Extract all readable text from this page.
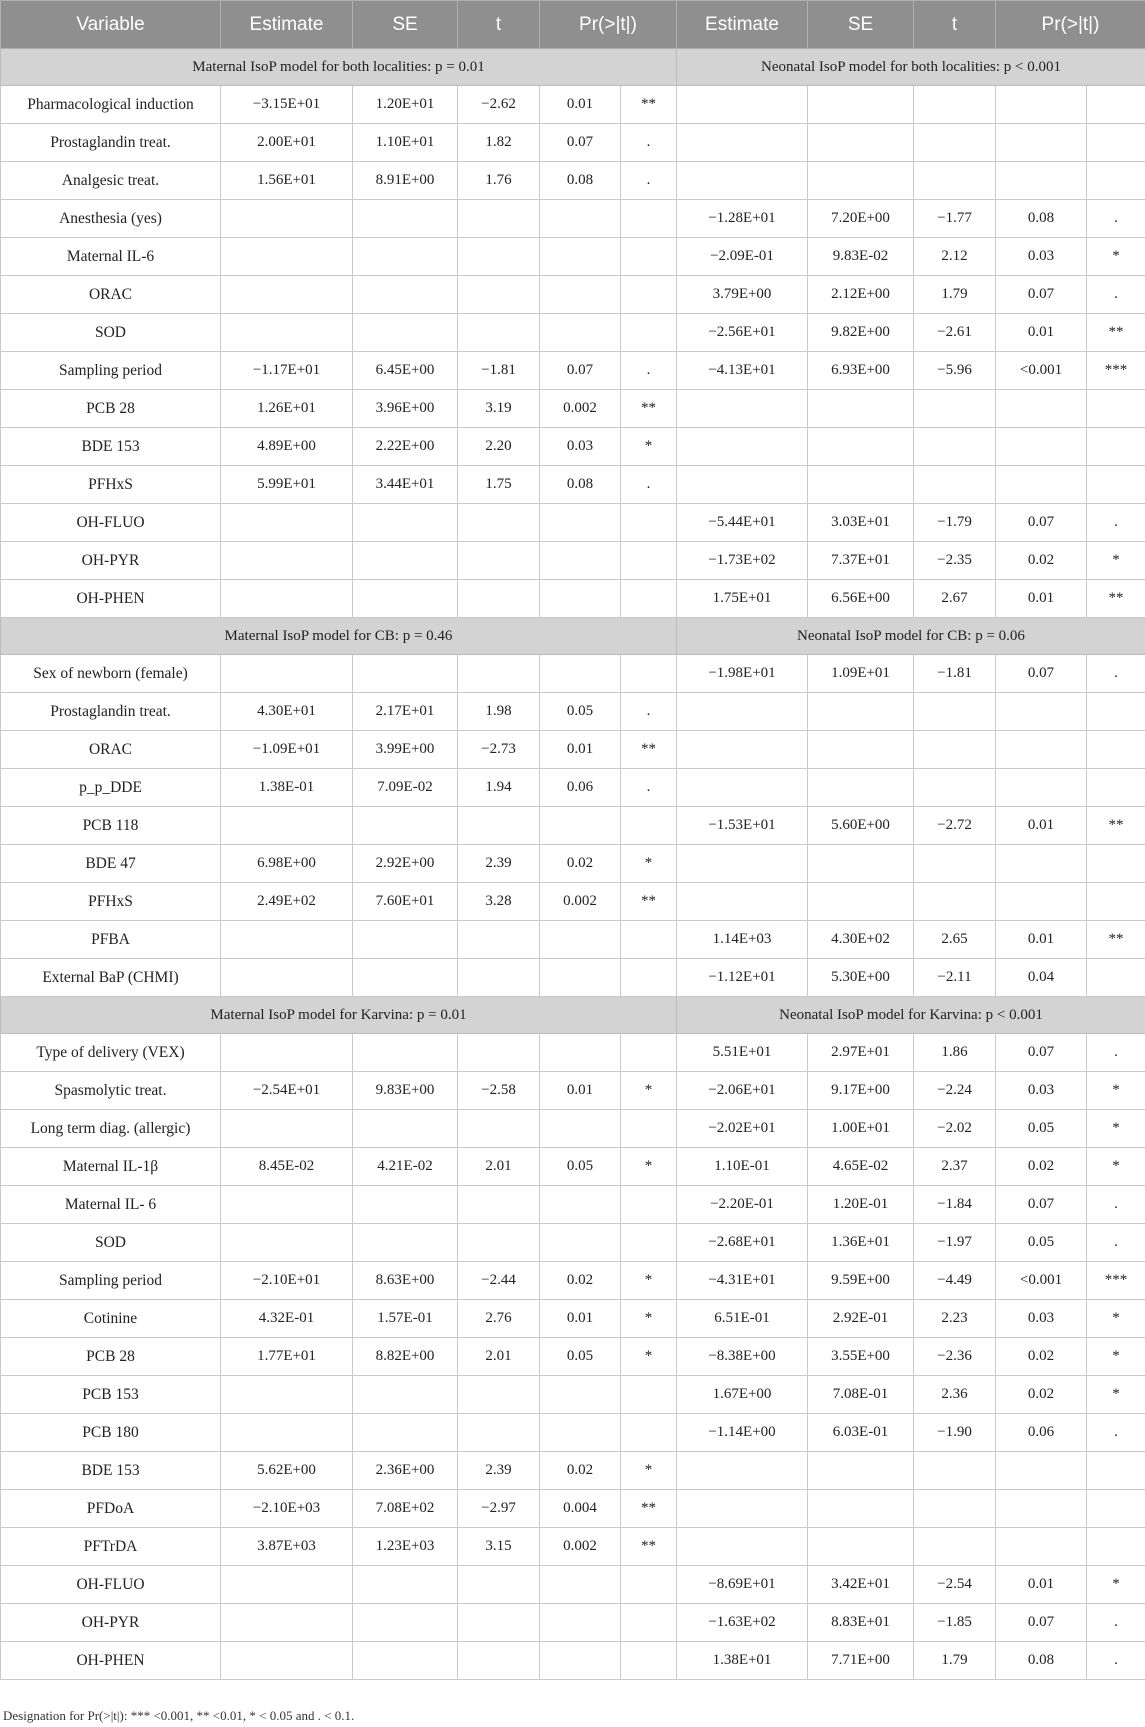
Variable	Estimate	SE	t	Pr(>|t|)		Estimate	SE	t	Pr(>|t|)	
Maternal IsoP model for both localities: p = 0.01						Neonatal IsoP model for both localities: p < 0.001				
Pharmacological induction	−3.15E+01	1.20E+01	−2.62	0.01	**					
Prostaglandin treat.	2.00E+01	1.10E+01	1.82	0.07	.					
Analgesic treat.	1.56E+01	8.91E+00	1.76	0.08	.					
Anesthesia (yes)						−1.28E+01	7.20E+00	−1.77	0.08	.
Maternal IL-6						−2.09E-01	9.83E-02	2.12	0.03	*
ORAC						3.79E+00	2.12E+00	1.79	0.07	.
SOD						−2.56E+01	9.82E+00	−2.61	0.01	**
Sampling period	−1.17E+01	6.45E+00	−1.81	0.07	.	−4.13E+01	6.93E+00	−5.96	<0.001	***
PCB 28	1.26E+01	3.96E+00	3.19	0.002	**					
BDE 153	4.89E+00	2.22E+00	2.20	0.03	*					
PFHxS	5.99E+01	3.44E+01	1.75	0.08	.					
OH-FLUO						−5.44E+01	3.03E+01	−1.79	0.07	.
OH-PYR						−1.73E+02	7.37E+01	−2.35	0.02	*
OH-PHEN						1.75E+01	6.56E+00	2.67	0.01	**
Maternal IsoP model for CB: p = 0.46						Neonatal IsoP model for CB: p = 0.06				
Sex of newborn (female)						−1.98E+01	1.09E+01	−1.81	0.07	.
Prostaglandin treat.	4.30E+01	2.17E+01	1.98	0.05	.					
ORAC	−1.09E+01	3.99E+00	−2.73	0.01	**					
p_p_DDE	1.38E-01	7.09E-02	1.94	0.06	.					
PCB 118						−1.53E+01	5.60E+00	−2.72	0.01	**
BDE 47	6.98E+00	2.92E+00	2.39	0.02	*					
PFHxS	2.49E+02	7.60E+01	3.28	0.002	**					
PFBA						1.14E+03	4.30E+02	2.65	0.01	**
External BaP (CHMI)						−1.12E+01	5.30E+00	−2.11	0.04	
Maternal IsoP model for Karvina: p = 0.01						Neonatal IsoP model for Karvina: p < 0.001				
Type of delivery (VEX)						5.51E+01	2.97E+01	1.86	0.07	.
Spasmolytic treat.	−2.54E+01	9.83E+00	−2.58	0.01	*	−2.06E+01	9.17E+00	−2.24	0.03	*
Long term diag. (allergic)						−2.02E+01	1.00E+01	−2.02	0.05	*
Maternal IL-1β	8.45E-02	4.21E-02	2.01	0.05	*	1.10E-01	4.65E-02	2.37	0.02	*
Maternal IL- 6						−2.20E-01	1.20E-01	−1.84	0.07	.
SOD						−2.68E+01	1.36E+01	−1.97	0.05	.
Sampling period	−2.10E+01	8.63E+00	−2.44	0.02	*	−4.31E+01	9.59E+00	−4.49	<0.001	***
Cotinine	4.32E-01	1.57E-01	2.76	0.01	*	6.51E-01	2.92E-01	2.23	0.03	*
PCB 28	1.77E+01	8.82E+00	2.01	0.05	*	−8.38E+00	3.55E+00	−2.36	0.02	*
PCB 153						1.67E+00	7.08E-01	2.36	0.02	*
PCB 180						−1.14E+00	6.03E-01	−1.90	0.06	.
BDE 153	5.62E+00	2.36E+00	2.39	0.02	*					
PFDoA	−2.10E+03	7.08E+02	−2.97	0.004	**					
PFTrDA	3.87E+03	1.23E+03	3.15	0.002	**					
OH-FLUO						−8.69E+01	3.42E+01	−2.54	0.01	*
OH-PYR						−1.63E+02	8.83E+01	−1.85	0.07	.
OH-PHEN						1.38E+01	7.71E+00	1.79	0.08	.
Designation for Pr(>|t|): *** <0.001, ** <0.01, * < 0.05 and . < 0.1.
